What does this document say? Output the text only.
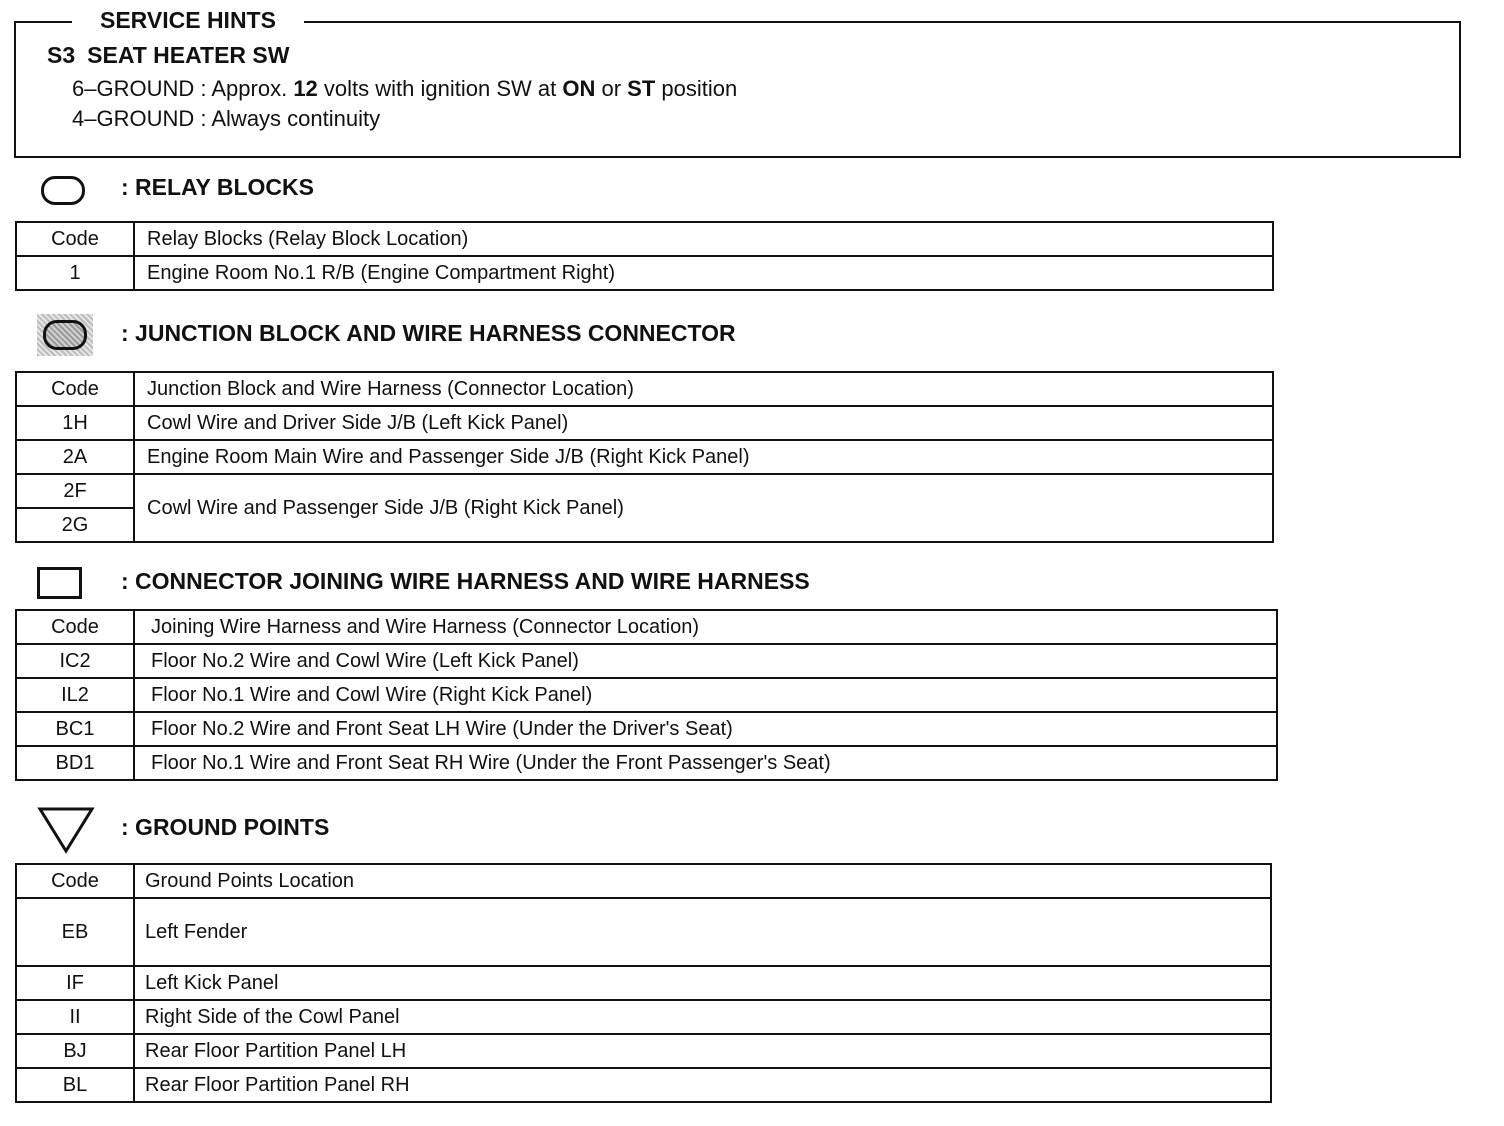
SERVICE HINTS
S3 SEAT HEATER SW
6–GROUND : Approx. 12 volts with ignition SW at ON or ST position
4–GROUND : Always continuity
: RELAY BLOCKS
Code	Relay Blocks (Relay Block Location)
1	Engine Room No.1 R/B (Engine Compartment Right)
: JUNCTION BLOCK AND WIRE HARNESS CONNECTOR
Code	Junction Block and Wire Harness (Connector Location)
1H	Cowl Wire and Driver Side J/B (Left Kick Panel)
2A	Engine Room Main Wire and Passenger Side J/B (Right Kick Panel)
2F	Cowl Wire and Passenger Side J/B (Right Kick Panel)
2G	
: CONNECTOR JOINING WIRE HARNESS AND WIRE HARNESS
Code	Joining Wire Harness and Wire Harness (Connector Location)
IC2	Floor No.2 Wire and Cowl Wire (Left Kick Panel)
IL2	Floor No.1 Wire and Cowl Wire (Right Kick Panel)
BC1	Floor No.2 Wire and Front Seat LH Wire (Under the Driver's Seat)
BD1	Floor No.1 Wire and Front Seat RH Wire (Under the Front Passenger's Seat)
: GROUND POINTS
Code	Ground Points Location
EB	Left Fender
IF	Left Kick Panel
II	Right Side of the Cowl Panel
BJ	Rear Floor Partition Panel LH
BL	Rear Floor Partition Panel RH
